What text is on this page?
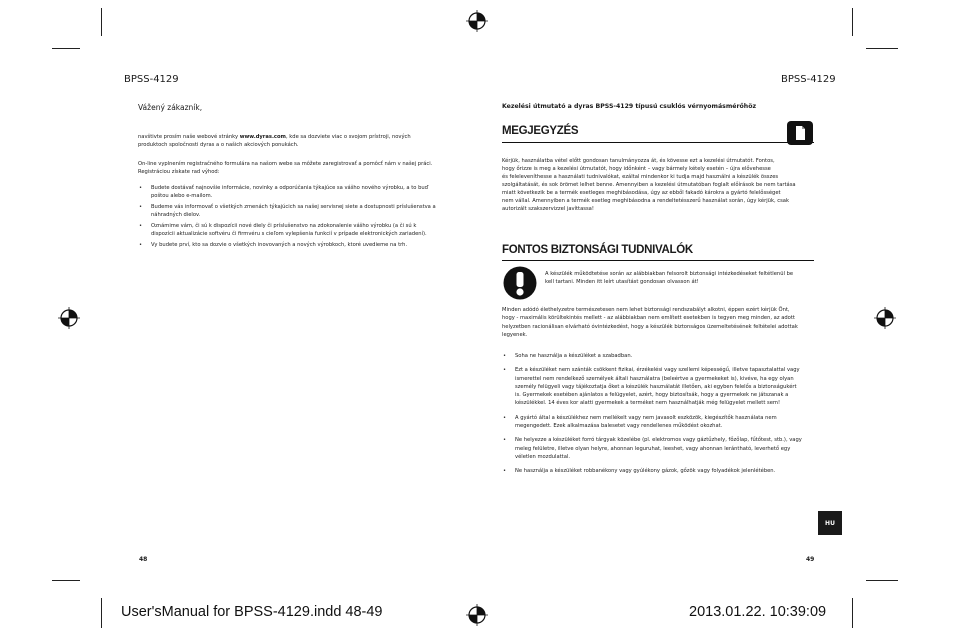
BPSS-4129
Vážený zákazník,
navštivte prosím naše webové stránky www.dyras.com, kde sa dozviete viac o svojom prístroji, nových
produktoch spoločnosti dyras a o našich akciových ponukách.
On-line vyplnením registračného formulára na našom webe sa môžete zaregistrovať a pomôcť nám v našej práci.
Registráciou získate rad výhod:
• Budete dostávať najnovšie informácie, novinky a odporúčania týkajúce sa vášho nového výrobku, a to buď
poštou alebo e-mailom.
• Budeme vás informovať o všetkých zmenách týkajúcich sa našej servisnej siete a dostupnosti príslušenstva a
náhradných dielov.
• Oznámime vám, či sú k dispozícii nové diely či príslušenstvo na zdokonalenie vášho výrobku (a či sú k
dispozícii aktualizácie softvéru či firmvéru s cieľom vylepšenia funkcií v prípade elektronických zariadení).
• Vy budete prví, kto sa dozvie o všetkých inovovaných a nových výrobkoch, ktoré uvedieme na trh.
48
BPSS-4129
Kezelési útmutató a dyras BPSS-4129 típusú csuklós vérnyomásmérőhöz
MEGJEGYZÉS
Kérjük, használatba vétel előtt gondosan tanulmányozza át, és kövesse ezt a kezelési útmutatót. Fontos,
hogy őrizze is meg a kezelési útmutatót, hogy időnként – vagy bármely kétely esetén – újra elővehesse
és feleleveníthesse a használati tudnivalókat, ezáltal mindenkor ki tudja majd használni a készülék összes
szolgáltatását, és sok örömet lelhet benne. Amennyiben a kezelési útmutatóban foglalt előírások be nem tartása
miatt következik be a termék esetleges meghibásodása, úgy az ebből fakadó károkra a gyártó felelősséget
nem vállal. Amennyiben a termék esetleg meghibásodna a rendeltetésszerű használat során, úgy kérjük, csak
autorizált szakszervizzel javíttassa!
FONTOS BIZTONSÁGI TUDNIVALÓK
A készülék működtetése során az alábbiakban felsorolt biztonsági intézkedéseket feltétlenül be
kell tartani. Minden itt leírt utasítást gondosan olvasson át!
Minden adódó élethelyzetre természetesen nem lehet biztonsági rendszabályt alkotni, éppen ezért kérjük Önt,
hogy - maximális körültekintés mellett - az alábbiakban nem említett esetekben is tegyen meg minden, az adott
helyzetben racionálisan elvárható óvintézkedést, hogy a készülék biztonságos üzemeltetésének feltételei adottak
legyenek.
• Soha ne használja a készüléket a szabadban.
• Ezt a készüléket nem szánták csökkent fizikai, érzékelési vagy szellemi képességű, illetve tapasztalattal vagy
ismerettel nem rendelkező személyek általi használatra (beleértve a gyermekeket is), kivéve, ha egy olyan
személy felügyeli vagy tájékoztatja őket a készülék használatát illetően, aki egyben felelős a biztonságukért
is. Gyermekek esetében ajánlatos a felügyelet, azért, hogy biztosítsák, hogy a gyermekek ne játszanak a
készülékkel. 14 éves kor alatti gyermekek a terméket nem használhatják még felügyelet mellett sem!
• A gyártó által a készülékhez nem mellékelt vagy nem javasolt eszközök, kiegészítők használata nem
megengedett. Ezek alkalmazása balesetet vagy rendellenes működést okozhat.
• Ne helyezze a készüléket forró tárgyak közelébe (pl. elektromos vagy gáztűzhely, főzőlap, fűtőtest, stb.), vagy
meleg felületre, illetve olyan helyre, ahonnan leguruhat, leeshet, vagy ahonnan lerántható, leverhető egy
véletlen mozdulattal.
• Ne használja a készüléket robbanékony vagy gyúlékony gázok, gőzök vagy folyadékok jelenlétében.
HU
49
User'sManual for BPSS-4129.indd 48-49	2013.01.22. 10:39:09
